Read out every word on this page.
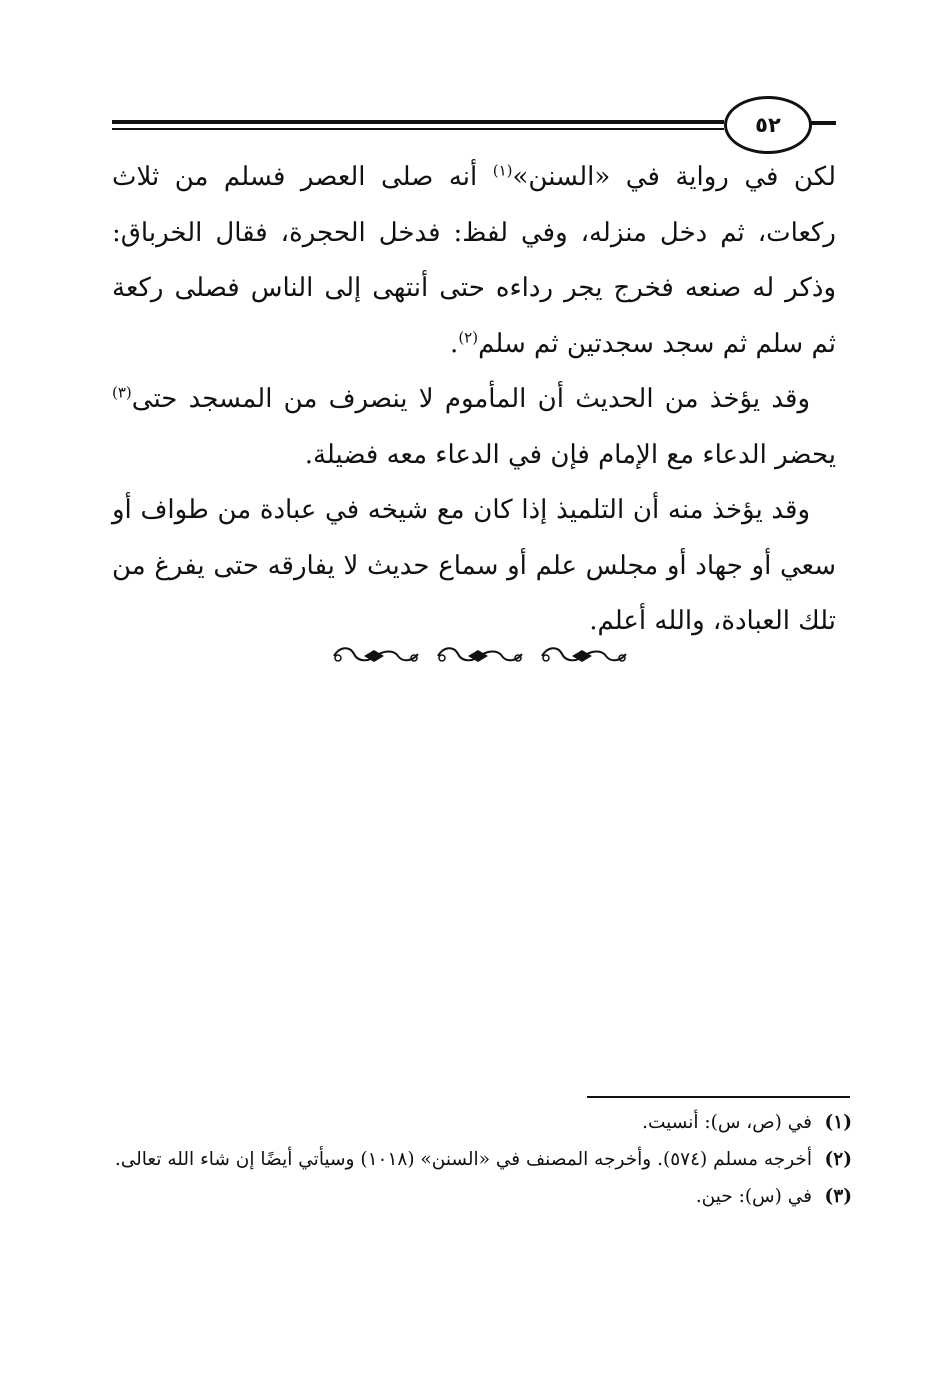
٥٢

لكن في رواية في «السنن»$^{(١)}$ أنه صلى العصر فسلم من ثلاث ركعات، ثم دخل منزله، وفي لفظ: فدخل الحجرة، فقال الخرباق: وذكر له صنعه فخرج يجر رداءه حتى أنتهى إلى الناس فصلى ركعة ثم سلم ثم سجد سجدتين ثم سلم$^{(٢)}$.

وقد يؤخذ من الحديث أن المأموم لا ينصرف من المسجد حتى$^{(٣)}$ يحضر الدعاء مع الإمام فإن في الدعاء معه فضيلة.

وقد يؤخذ منه أن التلميذ إذا كان مع شيخه في عبادة من طواف أو سعي أو جهاد أو مجلس علم أو سماع حديث لا يفارقه حتى يفرغ من تلك العبادة، والله أعلم.

(١)
في (ص، س): أنسيت.

(٢)
أخرجه مسلم (٥٧٤). وأخرجه المصنف في «السنن» (١٠١٨) وسيأتي أيضًا إن شاء الله تعالى.

(٣)
في (س): حين.
